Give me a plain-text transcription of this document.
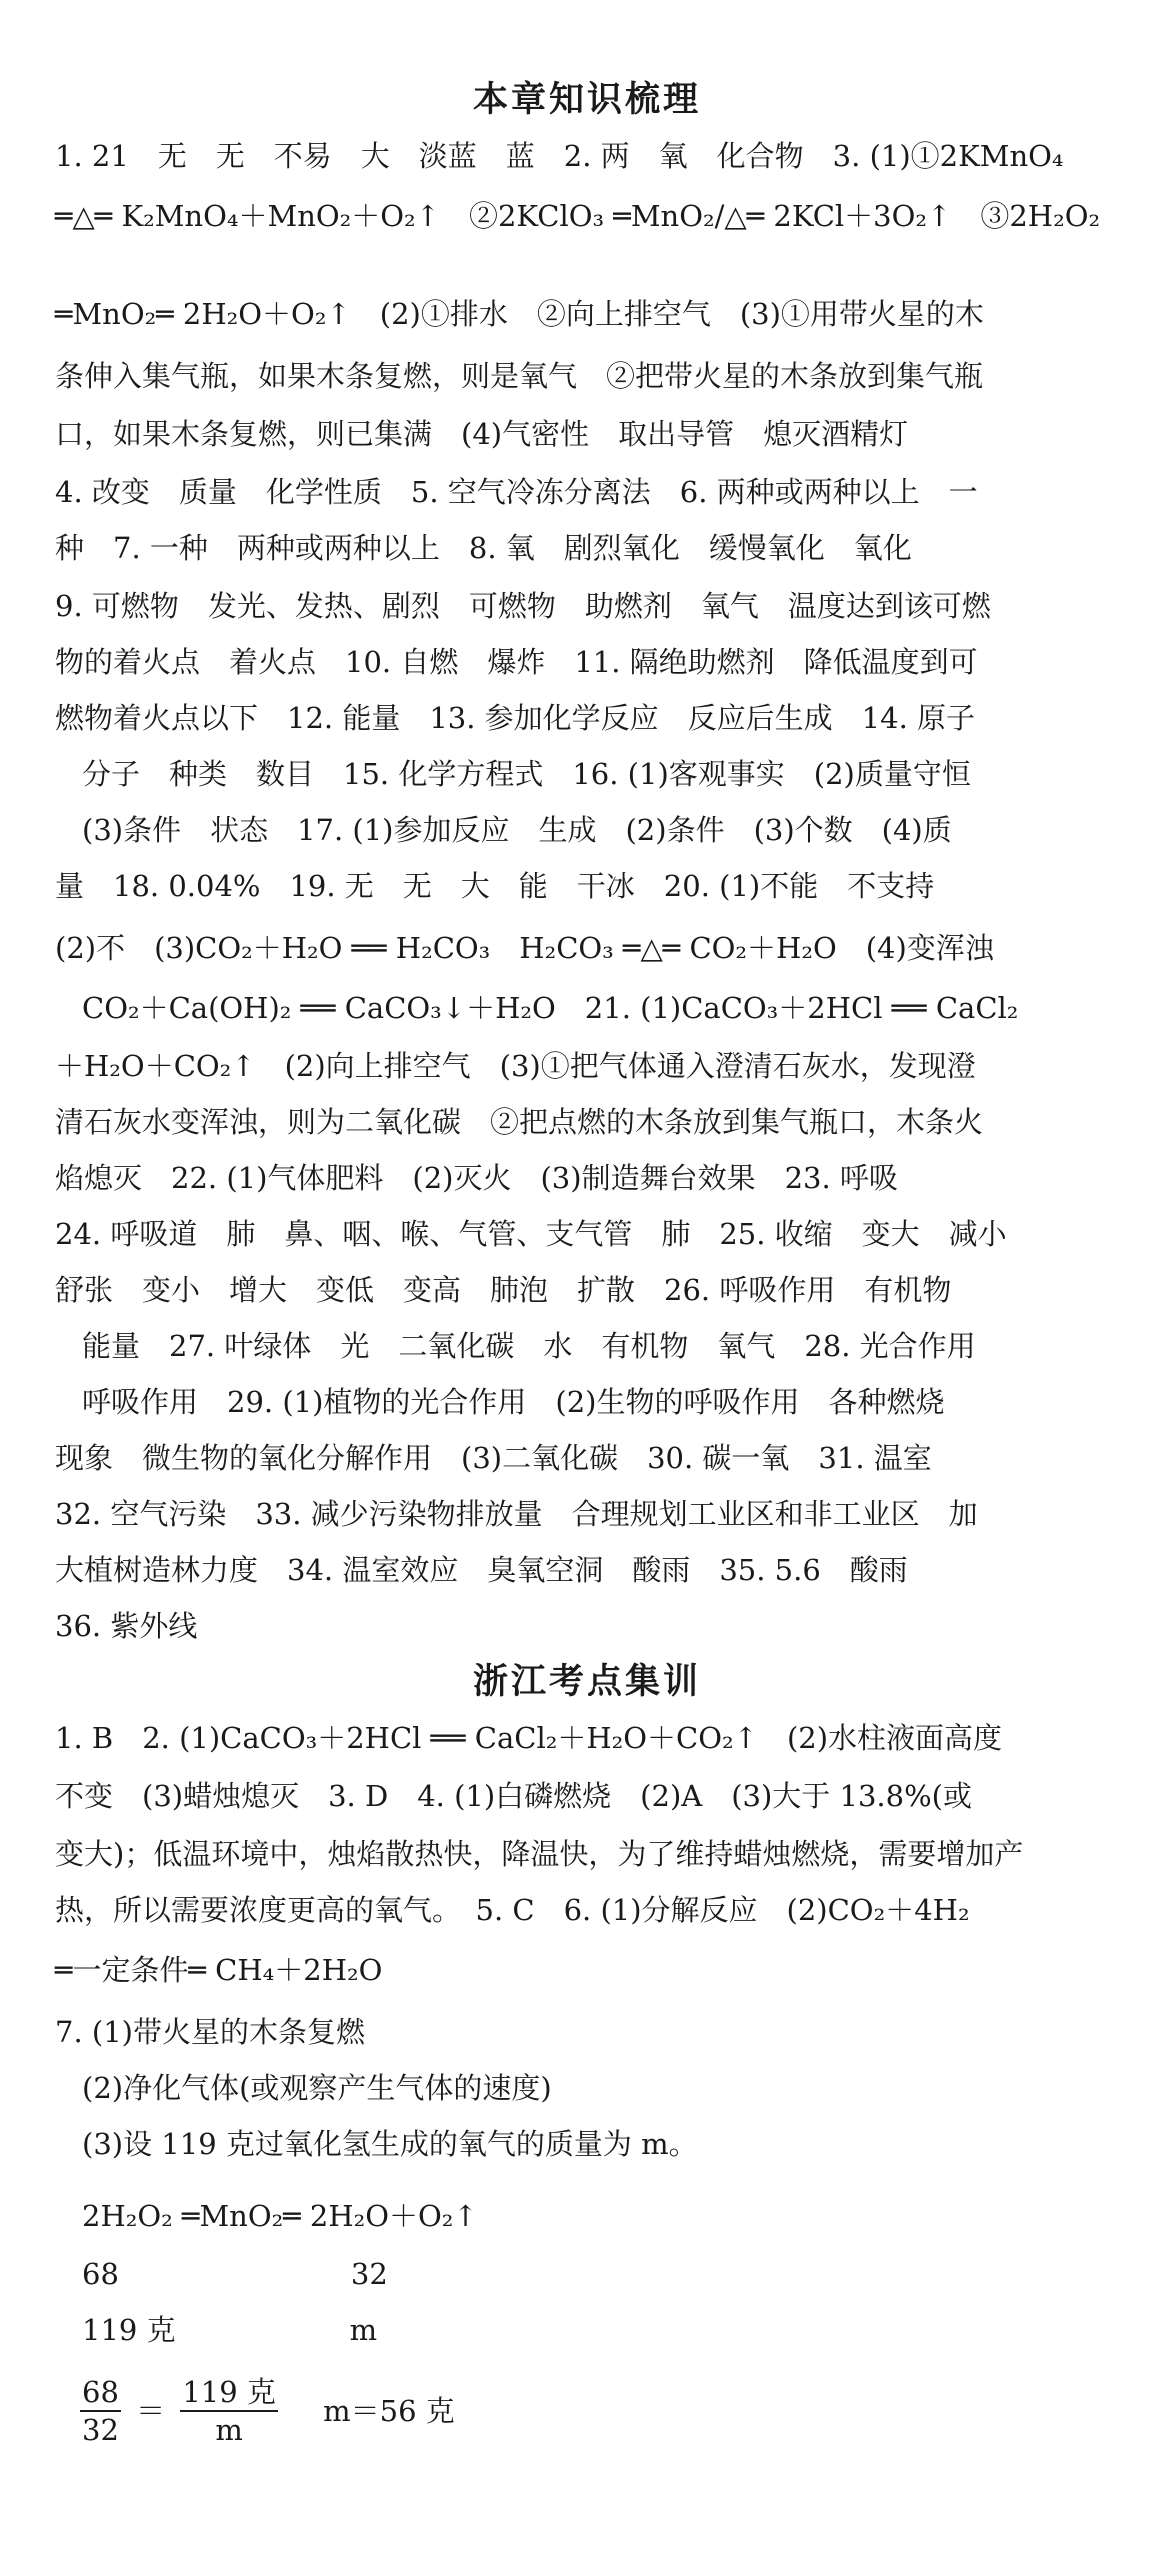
本章知识梳理
1. 21　无　无　不易　大　淡蓝　蓝　2. 两　氧　化合物　3. (1)①2KMnO₄
═△═ K₂MnO₄＋MnO₂＋O₂↑　②2KClO₃ ═MnO₂/△═ 2KCl＋3O₂↑　③2H₂O₂
═MnO₂═ 2H₂O＋O₂↑　(2)①排水　②向上排空气　(3)①用带火星的木
条伸入集气瓶，如果木条复燃，则是氧气　②把带火星的木条放到集气瓶
口，如果木条复燃，则已集满　(4)气密性　取出导管　熄灭酒精灯
4. 改变　质量　化学性质　5. 空气冷冻分离法　6. 两种或两种以上　一
种　7. 一种　两种或两种以上　8. 氧　剧烈氧化　缓慢氧化　氧化
9. 可燃物　发光、发热、剧烈　可燃物　助燃剂　氧气　温度达到该可燃
物的着火点　着火点　10. 自燃　爆炸　11. 隔绝助燃剂　降低温度到可
燃物着火点以下　12. 能量　13. 参加化学反应　反应后生成　14. 原子
分子　种类　数目　15. 化学方程式　16. (1)客观事实　(2)质量守恒
(3)条件　状态　17. (1)参加反应　生成　(2)条件　(3)个数　(4)质
量　18. 0.04%　19. 无　无　大　能　干冰　20. (1)不能　不支持
(2)不　(3)CO₂＋H₂O ══ H₂CO₃　H₂CO₃ ═△═ CO₂＋H₂O　(4)变浑浊
CO₂＋Ca(OH)₂ ══ CaCO₃↓＋H₂O　21. (1)CaCO₃＋2HCl ══ CaCl₂
＋H₂O＋CO₂↑　(2)向上排空气　(3)①把气体通入澄清石灰水，发现澄
清石灰水变浑浊，则为二氧化碳　②把点燃的木条放到集气瓶口，木条火
焰熄灭　22. (1)气体肥料　(2)灭火　(3)制造舞台效果　23. 呼吸
24. 呼吸道　肺　鼻、咽、喉、气管、支气管　肺　25. 收缩　变大　减小
舒张　变小　增大　变低　变高　肺泡　扩散　26. 呼吸作用　有机物
能量　27. 叶绿体　光　二氧化碳　水　有机物　氧气　28. 光合作用
呼吸作用　29. (1)植物的光合作用　(2)生物的呼吸作用　各种燃烧
现象　微生物的氧化分解作用　(3)二氧化碳　30. 碳一氧　31. 温室
32. 空气污染　33. 减少污染物排放量　合理规划工业区和非工业区　加
大植树造林力度　34. 温室效应　臭氧空洞　酸雨　35. 5.6　酸雨
36. 紫外线
浙江考点集训
1. B　2. (1)CaCO₃＋2HCl ══ CaCl₂＋H₂O＋CO₂↑　(2)水柱液面高度
不变　(3)蜡烛熄灭　3. D　4. (1)白磷燃烧　(2)A　(3)大于 13.8%(或
变大)；低温环境中，烛焰散热快，降温快，为了维持蜡烛燃烧，需要增加产
热，所以需要浓度更高的氧气。　5. C　6. (1)分解反应　(2)CO₂＋4H₂
═一定条件═ CH₄＋2H₂O
7. (1)带火星的木条复燃
(2)净化气体(或观察产生气体的速度)
(3)设 119 克过氧化氢生成的氧气的质量为 m。
2H₂O₂ ═MnO₂═ 2H₂O＋O₂↑
68　　　　　　　　32
119 克　　　　　　m
$\frac{68}{32} = \frac{\text{119 克}}{m} m=56$ 克
